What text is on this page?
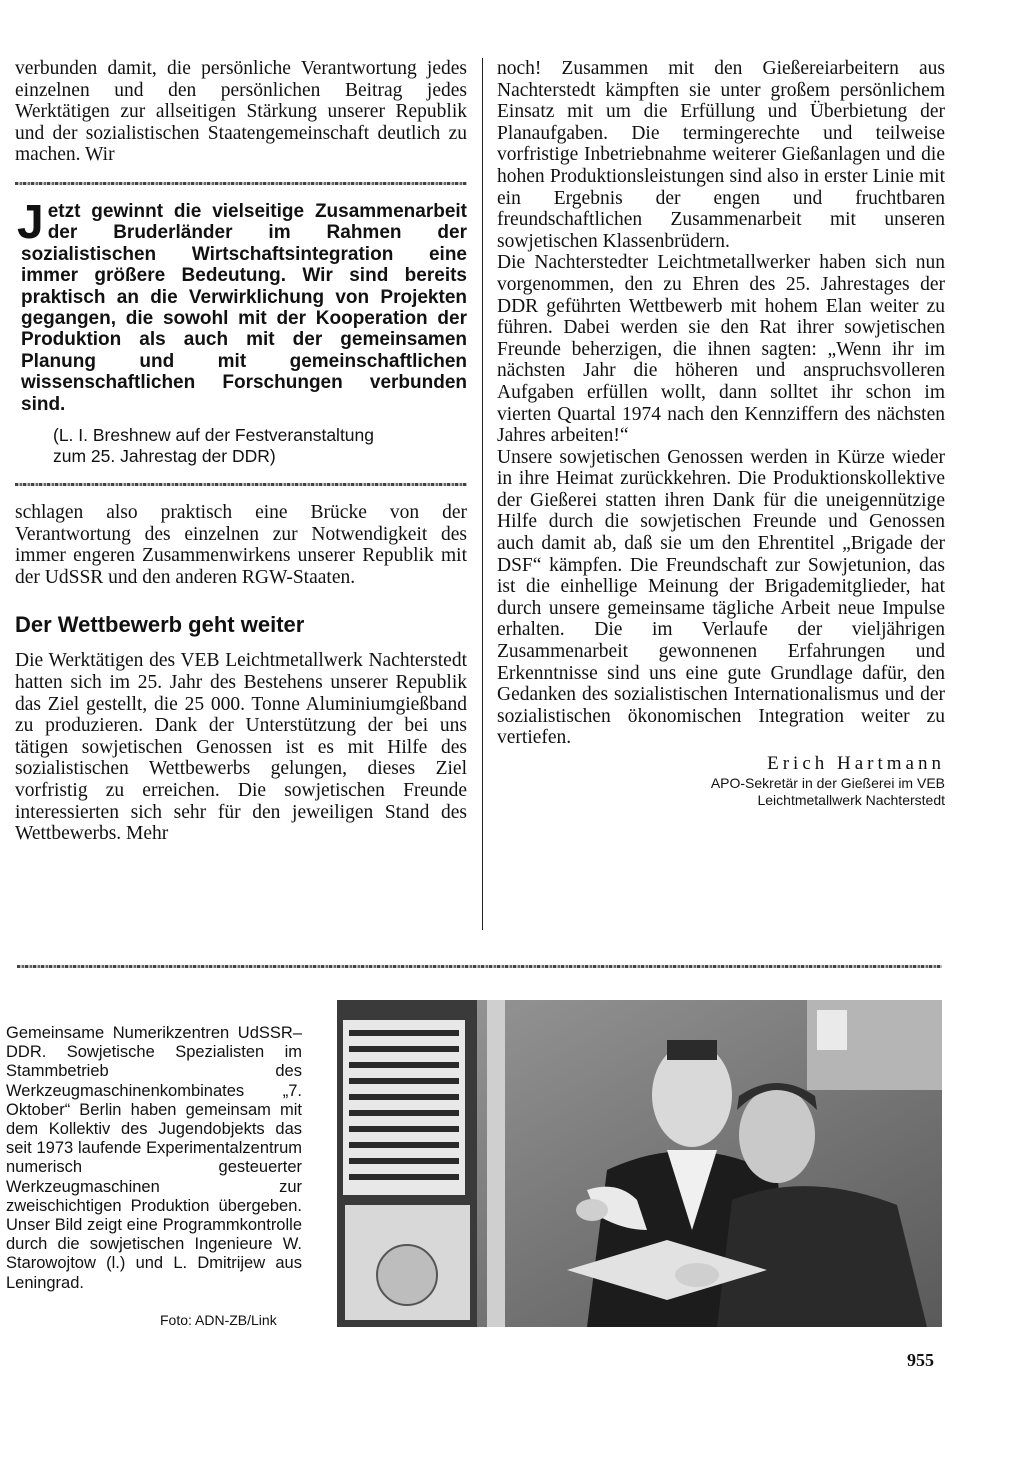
verbunden damit, die persönliche Verantwortung jedes einzelnen und den persönlichen Beitrag jedes Werktätigen zur allseitigen Stärkung unserer Republik und der sozialistischen Staatengemeinschaft deutlich zu machen. Wir

Jetzt gewinnt die vielseitige Zusammenarbeit der Bruderländer im Rahmen der sozialistischen Wirtschaftsintegration eine immer größere Bedeutung. Wir sind bereits praktisch an die Verwirklichung von Projekten gegangen, die sowohl mit der Kooperation der Produktion als auch mit der gemeinsamen Planung und mit gemeinschaftlichen wissenschaftlichen Forschungen verbunden sind.
(L. I. Breshnew auf der Festveranstaltung
zum 25. Jahrestag der DDR)

schlagen also praktisch eine Brücke von der Verantwortung des einzelnen zur Notwendigkeit des immer engeren Zusammenwirkens unserer Republik mit der UdSSR und den anderen RGW-Staaten.

Der Wettbewerb geht weiter

Die Werktätigen des VEB Leichtmetallwerk Nachterstedt hatten sich im 25. Jahr des Bestehens unserer Republik das Ziel gestellt, die 25 000. Tonne Aluminiumgießband zu produzieren. Dank der Unterstützung der bei uns tätigen sowjetischen Genossen ist es mit Hilfe des sozialistischen Wettbewerbs gelungen, dieses Ziel vorfristig zu erreichen. Die sowjetischen Freunde interessierten sich sehr für den jeweiligen Stand des Wettbewerbs. Mehr

noch! Zusammen mit den Gießereiarbeitern aus Nachterstedt kämpften sie unter großem persönlichem Einsatz mit um die Erfüllung und Überbietung der Planaufgaben. Die termingerechte und teilweise vorfristige Inbetriebnahme weiterer Gießanlagen und die hohen Produktionsleistungen sind also in erster Linie mit ein Ergebnis der engen und fruchtbaren freundschaftlichen Zusammenarbeit mit unseren sowjetischen Klassenbrüdern.

Die Nachterstedter Leichtmetallwerker haben sich nun vorgenommen, den zu Ehren des 25. Jahrestages der DDR geführten Wettbewerb mit hohem Elan weiter zu führen. Dabei werden sie den Rat ihrer sowjetischen Freunde beherzigen, die ihnen sagten: „Wenn ihr im nächsten Jahr die höheren und anspruchsvolleren Aufgaben erfüllen wollt, dann solltet ihr schon im vierten Quartal 1974 nach den Kennziffern des nächsten Jahres arbeiten!“

Unsere sowjetischen Genossen werden in Kürze wieder in ihre Heimat zurückkehren. Die Produktionskollektive der Gießerei statten ihren Dank für die uneigennützige Hilfe durch die sowjetischen Freunde und Genossen auch damit ab, daß sie um den Ehrentitel „Brigade der DSF“ kämpfen. Die Freundschaft zur Sowjetunion, das ist die einhellige Meinung der Brigademitglieder, hat durch unsere gemeinsame tägliche Arbeit neue Impulse erhalten. Die im Verlaufe der vieljährigen Zusammenarbeit gewonnenen Erfahrungen und Erkenntnisse sind uns eine gute Grundlage dafür, den Gedanken des sozialistischen Internationalismus und der sozialistischen ökonomischen Integration weiter zu vertiefen.

Erich Hartmann
APO-Sekretär in der Gießerei im VEB
Leichtmetallwerk Nachterstedt
Gemeinsame Numerikzentren UdSSR–DDR. Sowjetische Spezialisten im Stammbetrieb des Werkzeugmaschinenkombinates „7. Oktober“ Berlin haben gemeinsam mit dem Kollektiv des Jugendobjekts das seit 1973 laufende Experimentalzentrum numerisch gesteuerter Werkzeugmaschinen zur zweischichtigen Produktion übergeben. Unser Bild zeigt eine Programmkontrolle durch die sowjetischen Ingenieure W. Starowojtow (l.) und L. Dmitrijew aus Leningrad.
Foto: ADN-ZB/Link
955
